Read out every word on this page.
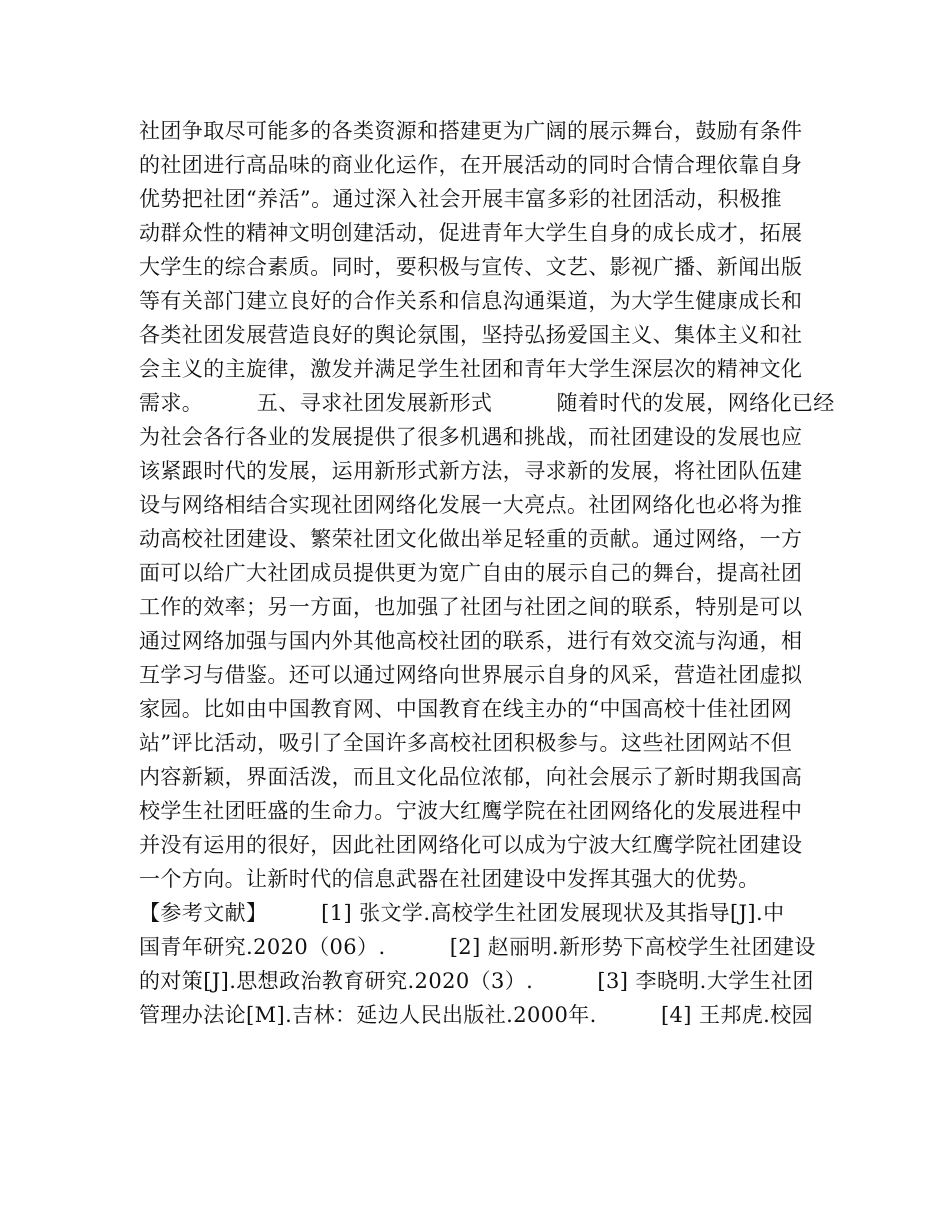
社团争取尽可能多的各类资源和搭建更为广阔的展示舞台，鼓励有条件
的社团进行高品味的商业化运作，在开展活动的同时合情合理依靠自身
优势把社团“养活”。通过深入社会开展丰富多彩的社团活动，积极推
动群众性的精神文明创建活动，促进青年大学生自身的成长成才，拓展
大学生的综合素质。同时，要积极与宣传、文艺、影视广播、新闻出版
等有关部门建立良好的合作关系和信息沟通渠道，为大学生健康成长和
各类社团发展营造良好的舆论氛围，坚持弘扬爱国主义、集体主义和社
会主义的主旋律，激发并满足学生社团和青年大学生深层次的精神文化
需求。　　　五、寻求社团发展新形式　　　随着时代的发展，网络化已经
为社会各行各业的发展提供了很多机遇和挑战，而社团建设的发展也应
该紧跟时代的发展，运用新形式新方法，寻求新的发展，将社团队伍建
设与网络相结合实现社团网络化发展一大亮点。社团网络化也必将为推
动高校社团建设、繁荣社团文化做出举足轻重的贡献。通过网络，一方
面可以给广大社团成员提供更为宽广自由的展示自己的舞台，提高社团
工作的效率；另一方面，也加强了社团与社团之间的联系，特别是可以
通过网络加强与国内外其他高校社团的联系，进行有效交流与沟通，相
互学习与借鉴。还可以通过网络向世界展示自身的风采，营造社团虚拟
家园。比如由中国教育网、中国教育在线主办的“中国高校十佳社团网
站”评比活动，吸引了全国许多高校社团积极参与。这些社团网站不但
内容新颖，界面活泼，而且文化品位浓郁，向社会展示了新时期我国高
校学生社团旺盛的生命力。宁波大红鹰学院在社团网络化的发展进程中
并没有运用的很好，因此社团网络化可以成为宁波大红鹰学院社团建设
一个方向。让新时代的信息武器在社团建设中发挥其强大的优势。
【参考文献】　　　[1] 张文学.高校学生社团发展现状及其指导[J].中
国青年研究.2020（06）.　　　[2] 赵丽明.新形势下高校学生社团建设
的对策[J].思想政治教育研究.2020（3）.　　　[3] 李晓明.大学生社团
管理办法论[M].吉林：延边人民出版社.2000年.　　　[4] 王邦虎.校园
